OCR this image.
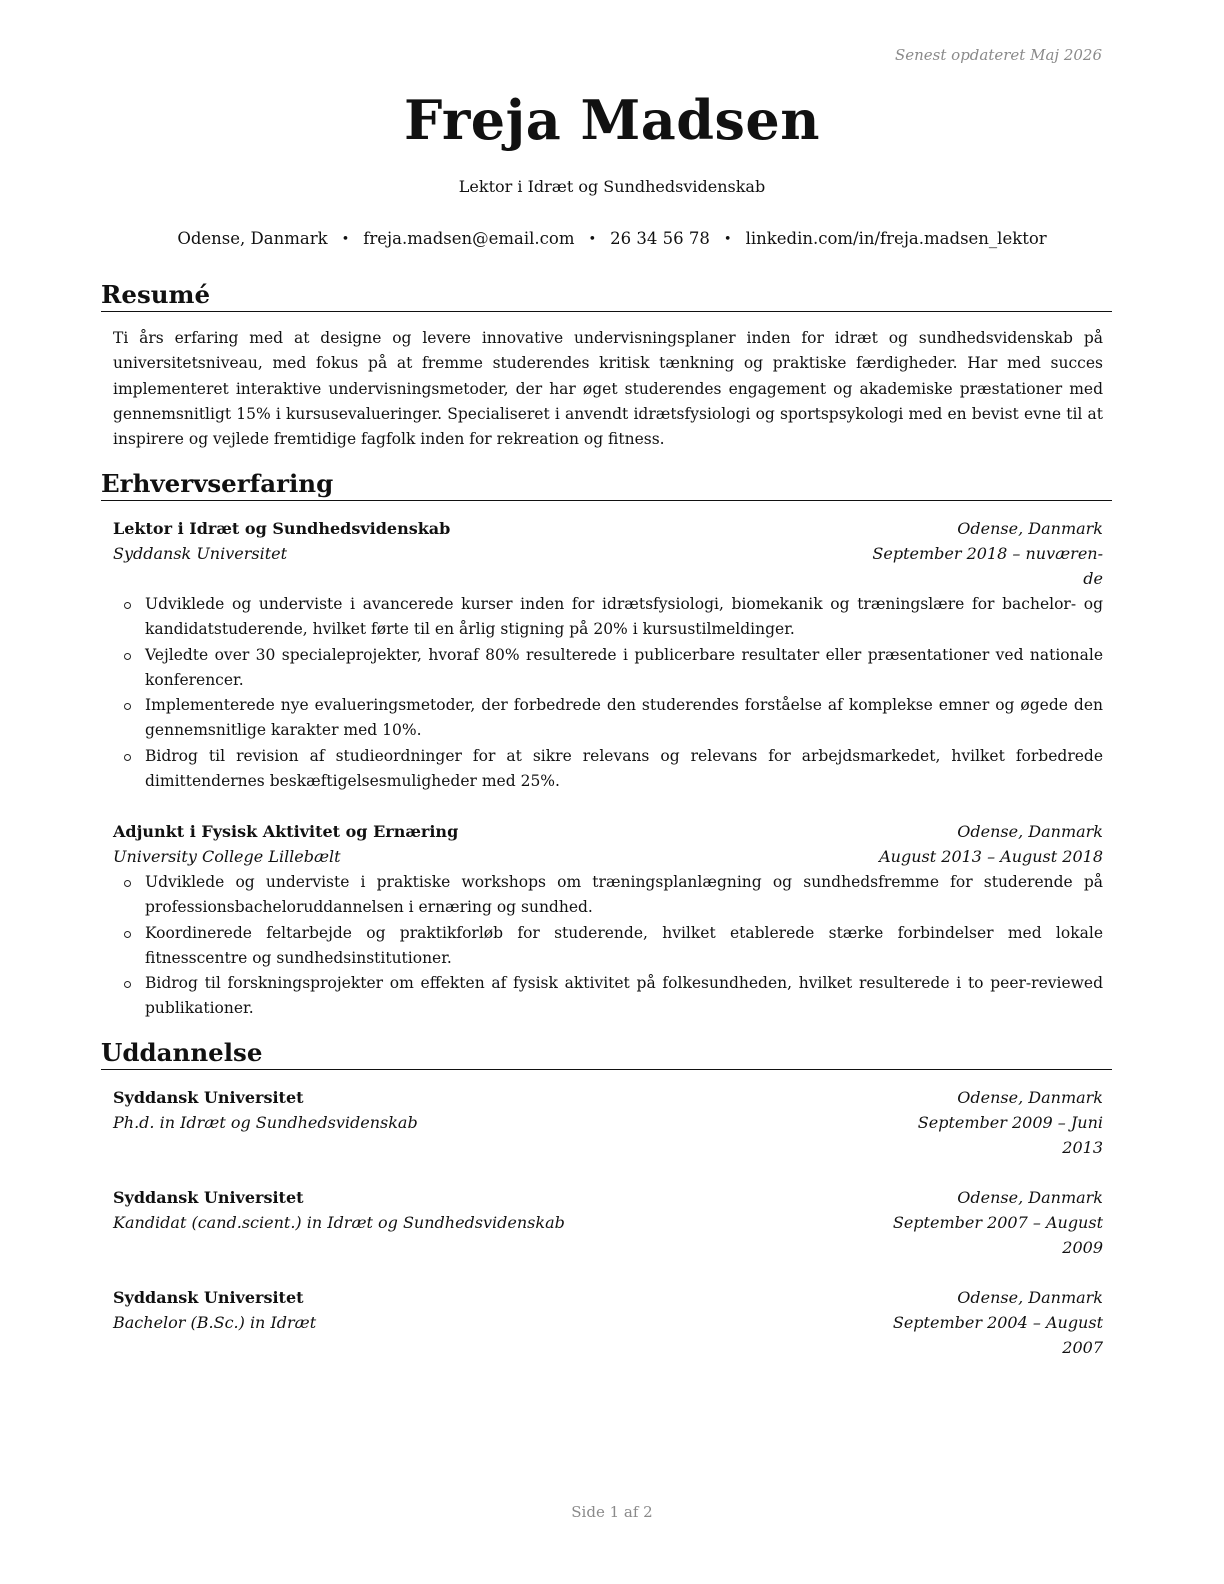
Senest opdateret Maj 2026
Freja Madsen
Lektor i Idræt og Sundhedsvidenskab
Odense, Danmark • freja.madsen@email.com • 26 34 56 78 • linkedin.com/in/freja.madsen_lektor
Resumé
Ti års erfaring med at designe og levere innovative undervisningsplaner inden for idræt og sundhedsvidenskab på universitetsniveau, med fokus på at fremme studerendes kritisk tænkning og praktiske færdigheder. Har med succes implementeret interaktive undervisningsmetoder, der har øget studerendes engagement og akademiske præstationer med gennemsnitligt 15% i kursusevalueringer. Specialiseret i anvendt idrætsfysiologi og sportspsykologi med en bevist evne til at inspirere og vejlede fremtidige fagfolk inden for rekreation og fitness.
Erhvervserfaring
Lektor i Idræt og Sundhedsvidenskab	Odense, Danmark
Syddansk Universitet	September 2018 – nuværen-
de
Udviklede og underviste i avancerede kurser inden for idrætsfysiologi, biomekanik og træningslære for bachelor- og kandidatstuderende, hvilket førte til en årlig stigning på 20% i kursustilmeldinger.
Vejledte over 30 specialeprojekter, hvoraf 80% resulterede i publicerbare resultater eller præsentationer ved nationale konferencer.
Implementerede nye evalueringsmetoder, der forbedrede den studerendes forståelse af komplekse emner og øgede den gennemsnitlige karakter med 10%.
Bidrog til revision af studieordninger for at sikre relevans og relevans for arbejdsmarkedet, hvilket forbedrede dimittendernes beskæftigelsesmuligheder med 25%.
Adjunkt i Fysisk Aktivitet og Ernæring	Odense, Danmark
University College Lillebælt	August 2013 – August 2018
Udviklede og underviste i praktiske workshops om træningsplanlægning og sundhedsfremme for studerende på professionsbacheloruddannelsen i ernæring og sundhed.
Koordinerede feltarbejde og praktikforløb for studerende, hvilket etablerede stærke forbindelser med lokale fitnesscentre og sundhedsinstitutioner.
Bidrog til forskningsprojekter om effekten af fysisk aktivitet på folkesundheden, hvilket resulterede i to peer-reviewed publikationer.
Uddannelse
Syddansk Universitet	Odense, Danmark
Ph.d. in Idræt og Sundhedsvidenskab	September 2009 – Juni
2013
Syddansk Universitet	Odense, Danmark
Kandidat (cand.scient.) in Idræt og Sundhedsvidenskab	September 2007 – August
2009
Syddansk Universitet	Odense, Danmark
Bachelor (B.Sc.) in Idræt	September 2004 – August
2007
Side 1 af 2
